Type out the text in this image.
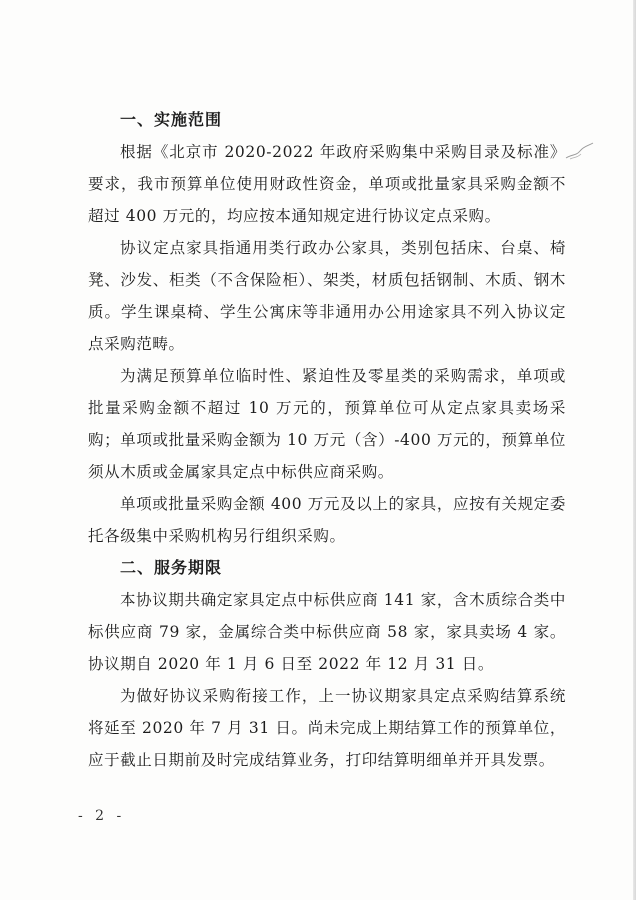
一、实施范围

根据《北京市 2020-2022 年政府采购集中采购目录及标准》要求，我市预算单位使用财政性资金，单项或批量家具采购金额不超过 400 万元的，均应按本通知规定进行协议定点采购。

协议定点家具指通用类行政办公家具，类别包括床、台桌、椅凳、沙发、柜类（不含保险柜）、架类，材质包括钢制、木质、钢木质。学生课桌椅、学生公寓床等非通用办公用途家具不列入协议定点采购范畴。

为满足预算单位临时性、紧迫性及零星类的采购需求，单项或批量采购金额不超过 10 万元的，预算单位可从定点家具卖场采购；单项或批量采购金额为 10 万元（含）-400 万元的，预算单位须从木质或金属家具定点中标供应商采购。

单项或批量采购金额 400 万元及以上的家具，应按有关规定委托各级集中采购机构另行组织采购。

二、服务期限

本协议期共确定家具定点中标供应商 141 家，含木质综合类中标供应商 79 家，金属综合类中标供应商 58 家，家具卖场 4 家。协议期自 2020 年 1 月 6 日至 2022 年 12 月 31 日。

为做好协议采购衔接工作，上一协议期家具定点采购结算系统将延至 2020 年 7 月 31 日。尚未完成上期结算工作的预算单位，应于截止日期前及时完成结算业务，打印结算明细单并开具发票。

- 2 -
